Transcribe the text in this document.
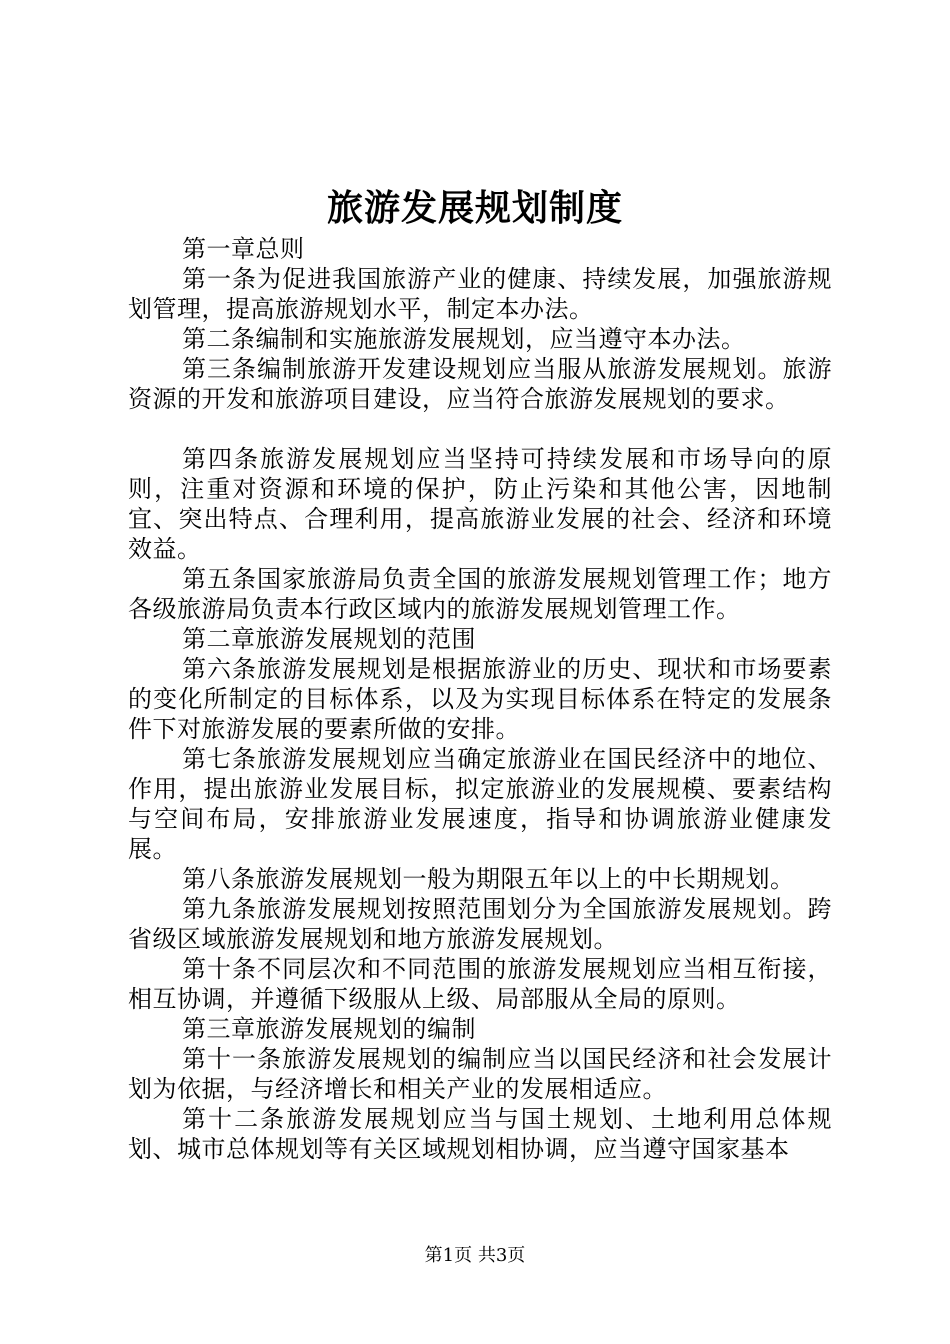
旅游发展规划制度

第一章总则

第一条为促进我国旅游产业的健康、持续发展，加强旅游规划管理，提高旅游规划水平，制定本办法。

第二条编制和实施旅游发展规划，应当遵守本办法。

第三条编制旅游开发建设规划应当服从旅游发展规划。旅游资源的开发和旅游项目建设，应当符合旅游发展规划的要求。

第四条旅游发展规划应当坚持可持续发展和市场导向的原则，注重对资源和环境的保护，防止污染和其他公害，因地制宜、突出特点、合理利用，提高旅游业发展的社会、经济和环境效益。

第五条国家旅游局负责全国的旅游发展规划管理工作；地方各级旅游局负责本行政区域内的旅游发展规划管理工作。

第二章旅游发展规划的范围

第六条旅游发展规划是根据旅游业的历史、现状和市场要素的变化所制定的目标体系，以及为实现目标体系在特定的发展条件下对旅游发展的要素所做的安排。

第七条旅游发展规划应当确定旅游业在国民经济中的地位、作用，提出旅游业发展目标，拟定旅游业的发展规模、要素结构与空间布局，安排旅游业发展速度，指导和协调旅游业健康发展。

第八条旅游发展规划一般为期限五年以上的中长期规划。

第九条旅游发展规划按照范围划分为全国旅游发展规划。跨省级区域旅游发展规划和地方旅游发展规划。

第十条不同层次和不同范围的旅游发展规划应当相互衔接，相互协调，并遵循下级服从上级、局部服从全局的原则。

第三章旅游发展规划的编制

第十一条旅游发展规划的编制应当以国民经济和社会发展计划为依据，与经济增长和相关产业的发展相适应。

第十二条旅游发展规划应当与国土规划、土地利用总体规划、城市总体规划等有关区域规划相协调，应当遵守国家基本

第1页 共3页
